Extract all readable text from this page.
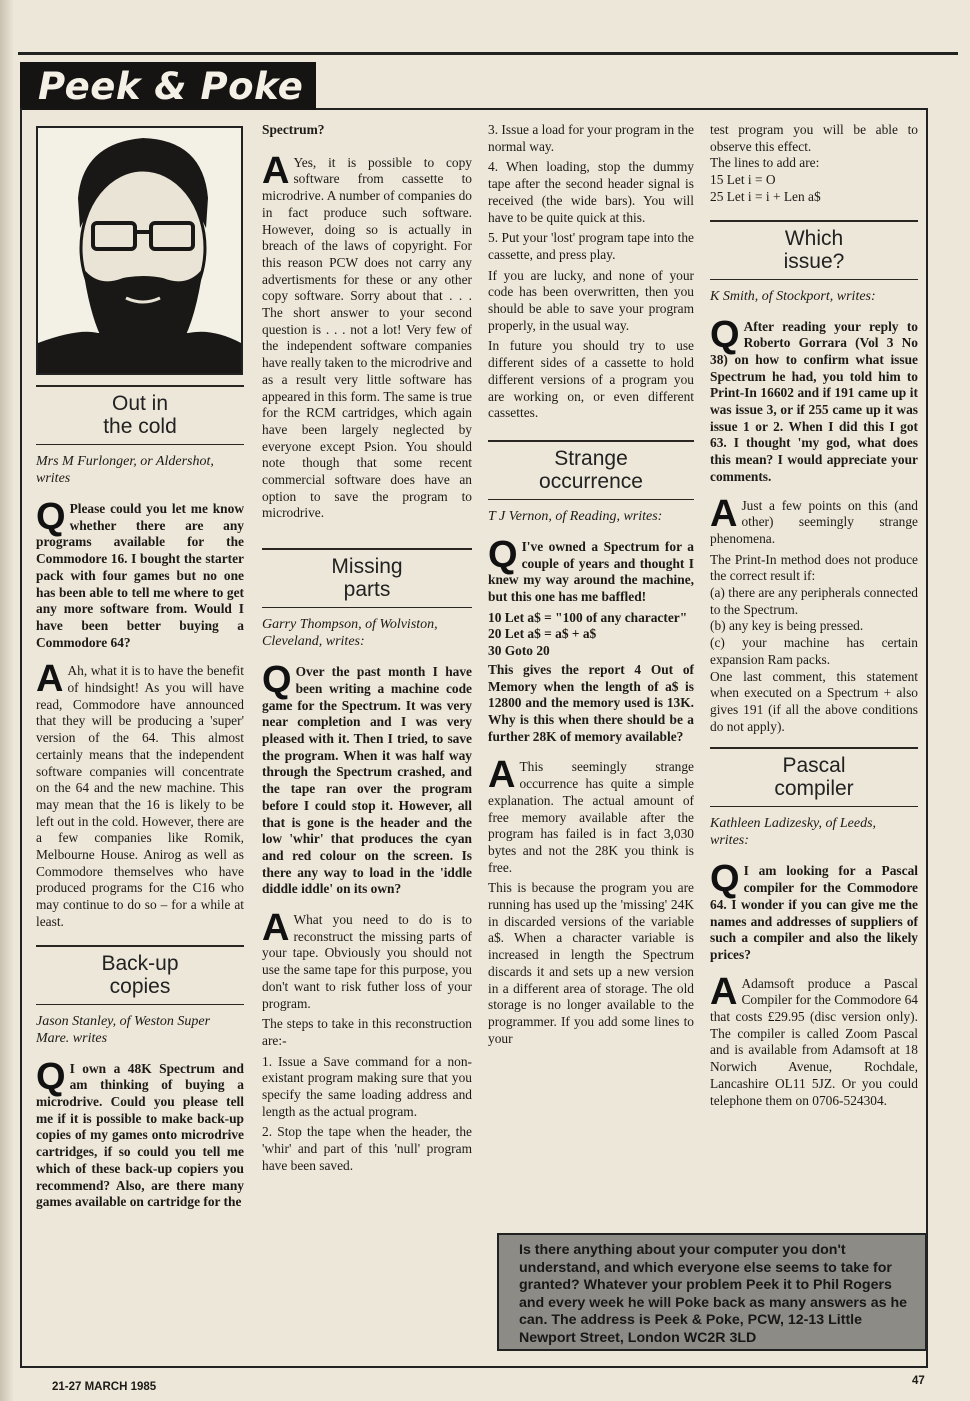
Peek & Poke
Out in
the cold

Mrs M Furlonger, or Aldershot, writes

Q Please could you let me know whether there are any programs available for the Commodore 16. I bought the starter pack with four games but no one has been able to tell me where to get any more software from. Would I have been better buying a Commodore 64?

A Ah, what it is to have the benefit of hindsight! As you will have read, Commodore have announced that they will be producing a 'super' version of the 64. This almost certainly means that the independent software companies will concentrate on the 64 and the new machine. This may mean that the 16 is likely to be left out in the cold. However, there are a few companies like Romik, Melbourne House. Anirog as well as Commodore themselves who have produced programs for the C16 who may continue to do so – for a while at least.

Back-up
copies

Jason Stanley, of Weston Super Mare. writes

Q I own a 48K Spectrum and am thinking of buying a microdrive. Could you please tell me if it is possible to make back-up copies of my games onto microdrive cartridges, if so could you tell me which of these back-up copiers you recommend? Also, are there many games available on cartridge for the

Spectrum?

A Yes, it is possible to copy software from cassette to microdrive. A number of companies do in fact produce such software. However, doing so is actually in breach of the laws of copyright. For this reason PCW does not carry any advertisments for these or any other copy software. Sorry about that . . . The short answer to your second question is . . . not a lot! Very few of the independent software companies have really taken to the microdrive and as a result very little software has appeared in this form. The same is true for the RCM cartridges, which again have been largely neglected by everyone except Psion. You should note though that some recent commercial software does have an option to save the program to microdrive.

Missing
parts

Garry Thompson, of Wolviston, Cleveland, writes:

Q Over the past month I have been writing a machine code game for the Spectrum. It was very near completion and I was very pleased with it. Then I tried, to save the program. When it was half way through the Spectrum crashed, and the tape ran over the program before I could stop it. However, all that is gone is the header and the low 'whir' that produces the cyan and red colour on the screen. Is there any way to load in the 'iddle diddle iddle' on its own?

A What you need to do is to reconstruct the missing parts of your tape. Obviously you should not use the same tape for this purpose, you don't want to risk futher loss of your program.

The steps to take in this reconstruction are:-

1. Issue a Save command for a non-existant program making sure that you specify the same loading address and length as the actual program.

2. Stop the tape when the header, the 'whir' and part of this 'null' program have been saved.

3. Issue a load for your program in the normal way.

4. When loading, stop the dummy tape after the second header signal is received (the wide bars). You will have to be quite quick at this.

5. Put your 'lost' program tape into the cassette, and press play.

If you are lucky, and none of your code has been overwritten, then you should be able to save your program properly, in the usual way.

In future you should try to use different sides of a cassette to hold different versions of a program you are working on, or even different cassettes.

Strange
occurrence

T J Vernon, of Reading, writes:

Q I've owned a Spectrum for a couple of years and thought I knew my way around the machine, but this one has me baffled!

10 Let a$ = "100 of any character"

20 Let a$ = a$ + a$

30 Goto 20

This gives the report 4 Out of Memory when the length of a$ is 12800 and the memory used is 13K. Why is this when there should be a further 28K of memory available?

A This seemingly strange occurrence has quite a simple explanation. The actual amount of free memory available after the program has failed is in fact 3,030 bytes and not the 28K you think is free.

This is because the program you are running has used up the 'missing' 24K in discarded versions of the variable a$. When a character variable is increased in length the Spectrum discards it and sets up a new version in a different area of storage. The old storage is no longer available to the programmer. If you add some lines to your

test program you will be able to observe this effect.

The lines to add are:

15 Let i = O

25 Let i = i + Len a$

Which
issue?

K Smith, of Stockport, writes:

Q After reading your reply to Roberto Gorrara (Vol 3 No 38) on how to confirm what issue Spectrum he had, you told him to Print-In 16602 and if 191 came up it was issue 3, or if 255 came up it was issue 1 or 2. When I did this I got 63. I thought 'my god, what does this mean? I would appreciate your comments.

A Just a few points on this (and other) seemingly strange phenomena.

The Print-In method does not produce the correct result if:

(a) there are any peripherals connected to the Spectrum.

(b) any key is being pressed.

(c) your machine has certain expansion Ram packs.

One last comment, this statement when executed on a Spectrum + also gives 191 (if all the above conditions do not apply).

Pascal
compiler

Kathleen Ladizesky, of Leeds, writes:

Q I am looking for a Pascal compiler for the Commodore 64. I wonder if you can give me the names and addresses of suppliers of such a compiler and also the likely prices?

A Adamsoft produce a Pascal Compiler for the Commodore 64 that costs £29.95 (disc version only). The compiler is called Zoom Pascal and is available from Adamsoft at 18 Norwich Avenue, Rochdale, Lancashire OL11 5JZ. Or you could telephone them on 0706-524304.

Is there anything about your computer you don't understand, and which everyone else seems to take for granted? Whatever your problem Peek it to Phil Rogers and every week he will Poke back as many answers as he can. The address is Peek & Poke, PCW, 12-13 Little Newport Street, London WC2R 3LD
21-27 MARCH 1985	47
